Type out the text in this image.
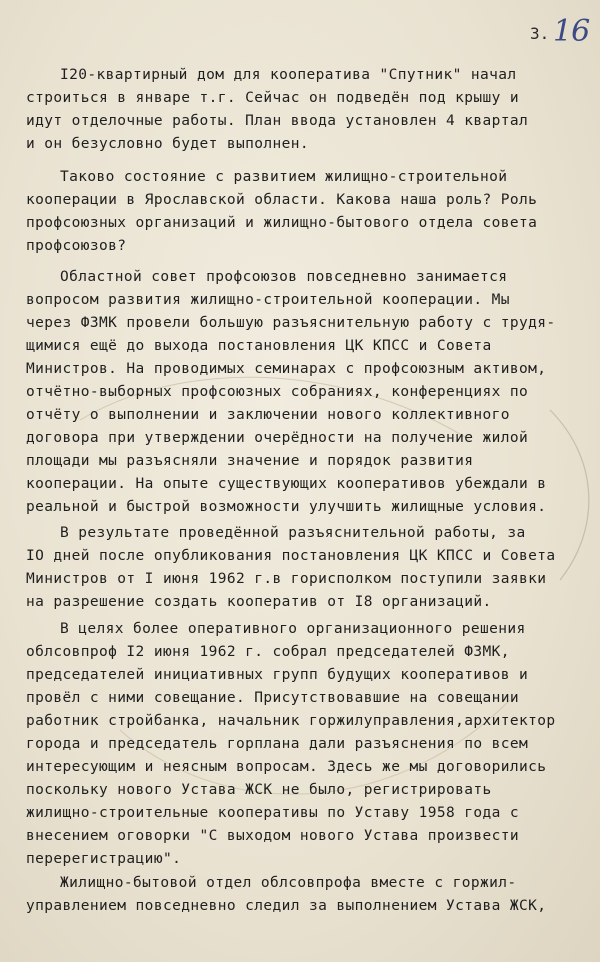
3. 16
I20-квартирный дом для кооператива "Спутник" начал
строиться в январе т.г. Сейчас он подведён под крышу и
идут отделочные работы. План ввода установлен 4 квартал
и он безусловно будет выполнен.
Таково состояние с развитием жилищно-строительной
кооперации в Ярославской области. Какова наша роль? Роль
профсоюзных организаций и жилищно-бытового отдела совета
профсоюзов?
Областной совет профсоюзов повседневно занимается
вопросом развития жилищно-строительной кооперации. Мы
через ФЗМК провели большую разъяснительную работу с трудя-
щимися ещё до выхода постановления ЦК КПСС и Совета
Министров. На проводимых семинарах с профсоюзным активом,
отчётно-выборных профсоюзных собраниях, конференциях по
отчёту о выполнении и заключении нового коллективного
договора при утверждении очерёдности на получение жилой
площади мы разъясняли значение и порядок развития
кооперации. На опыте существующих кооперативов убеждали в
реальной и быстрой возможности улучшить жилищные условия.
В результате проведённой разъяснительной работы, за
IO дней после опубликования постановления ЦК КПСС и Совета
Министров от I июня 1962 г.в горисполком поступили заявки
на разрешение создать кооператив от I8 организаций.
В целях более оперативного организационного решения
облсовпроф I2 июня 1962 г. собрал председателей ФЗМК,
председателей инициативных групп будущих кооперативов и
провёл с ними совещание. Присутствовавшие на совещании
работник стройбанка, начальник горжилуправления,архитектор
города и председатель горплана дали разъяснения по всем
интересующим и неясным вопросам. Здесь же мы договорились
поскольку нового Устава ЖСК не было, регистрировать
жилищно-строительные кооперативы по Уставу 1958 года с
внесением оговорки "С выходом нового Устава произвести
перерегистрацию".
Жилищно-бытовой отдел облсовпрофа вместе с горжил-
управлением повседневно следил за выполнением Устава ЖСК,
